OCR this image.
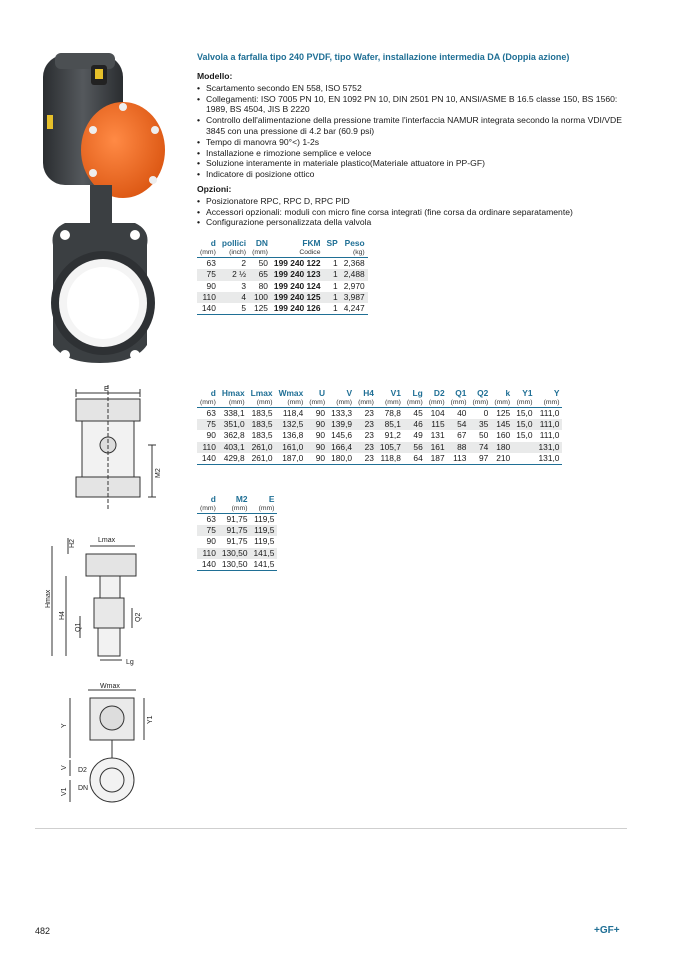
E
M2
Lmax
H2
Hmax
H4
Q1
Q2
Lg
Wmax
Y
Y1
V D2
DN
V1
Valvola a farfalla tipo 240 PVDF, tipo Wafer, installazione intermedia DA (Doppia azione)
Modello:
• Scartamento secondo EN 558, ISO 5752
• Collegamenti: ISO 7005 PN 10, EN 1092 PN 10, DIN 2501 PN 10, ANSI/ASME B 16.5 classe 150, BS 1560: 1989, BS 4504, JIS B 2220
• Controllo dell'alimentazione della pressione tramite l'interfaccia NAMUR integrata secondo la norma VDI/VDE 3845 con una pressione di 4.2 bar (60.9 psi)
• Tempo di manovra 90°<) 1-2s
• Installazione e rimozione semplice e veloce
• Soluzione interamente in materiale plastico(Materiale attuatore in PP-GF)
• Indicatore di posizione ottico
Opzioni:
• Posizionatore RPC, RPC D, RPC PID
• Accessori opzionali: moduli con micro fine corsa integrati (fine corsa da ordinare separatamente)
• Configurazione personalizzata della valvola
d	pollici	DN	FKM	SP	Peso
(mm)	(inch)	(mm)	Codice		(kg)
63	2	50	199 240 122	1	2,368
75	2 ½	65	199 240 123	1	2,488
90	3	80	199 240 124	1	2,970
110	4	100	199 240 125	1	3,987
140	5	125	199 240 126	1	4,247
d	Hmax	Lmax	Wmax	U	V	H4	V1	Lg	D2	Q1	Q2	k	Y1	Y
(mm)	(mm)	(mm)	(mm)	(mm)	(mm)	(mm)	(mm)	(mm)	(mm)	(mm)	(mm)	(mm)	(mm)	(mm)
63	338,1	183,5	118,4	90	133,3	23	78,8	45	104	40	0	125	15,0	111,0
75	351,0	183,5	132,5	90	139,9	23	85,1	46	115	54	35	145	15,0	111,0
90	362,8	183,5	136,8	90	145,6	23	91,2	49	131	67	50	160	15,0	111,0
110	403,1	261,0	161,0	90	166,4	23	105,7	56	161	88	74	180		131,0
140	429,8	261,0	187,0	90	180,0	23	118,8	64	187	113	97	210		131,0
d	M2	E
(mm)	(mm)	(mm)
63	91,75	119,5
75	91,75	119,5
90	91,75	119,5
110	130,50	141,5
140	130,50	141,5
482	+GF+
